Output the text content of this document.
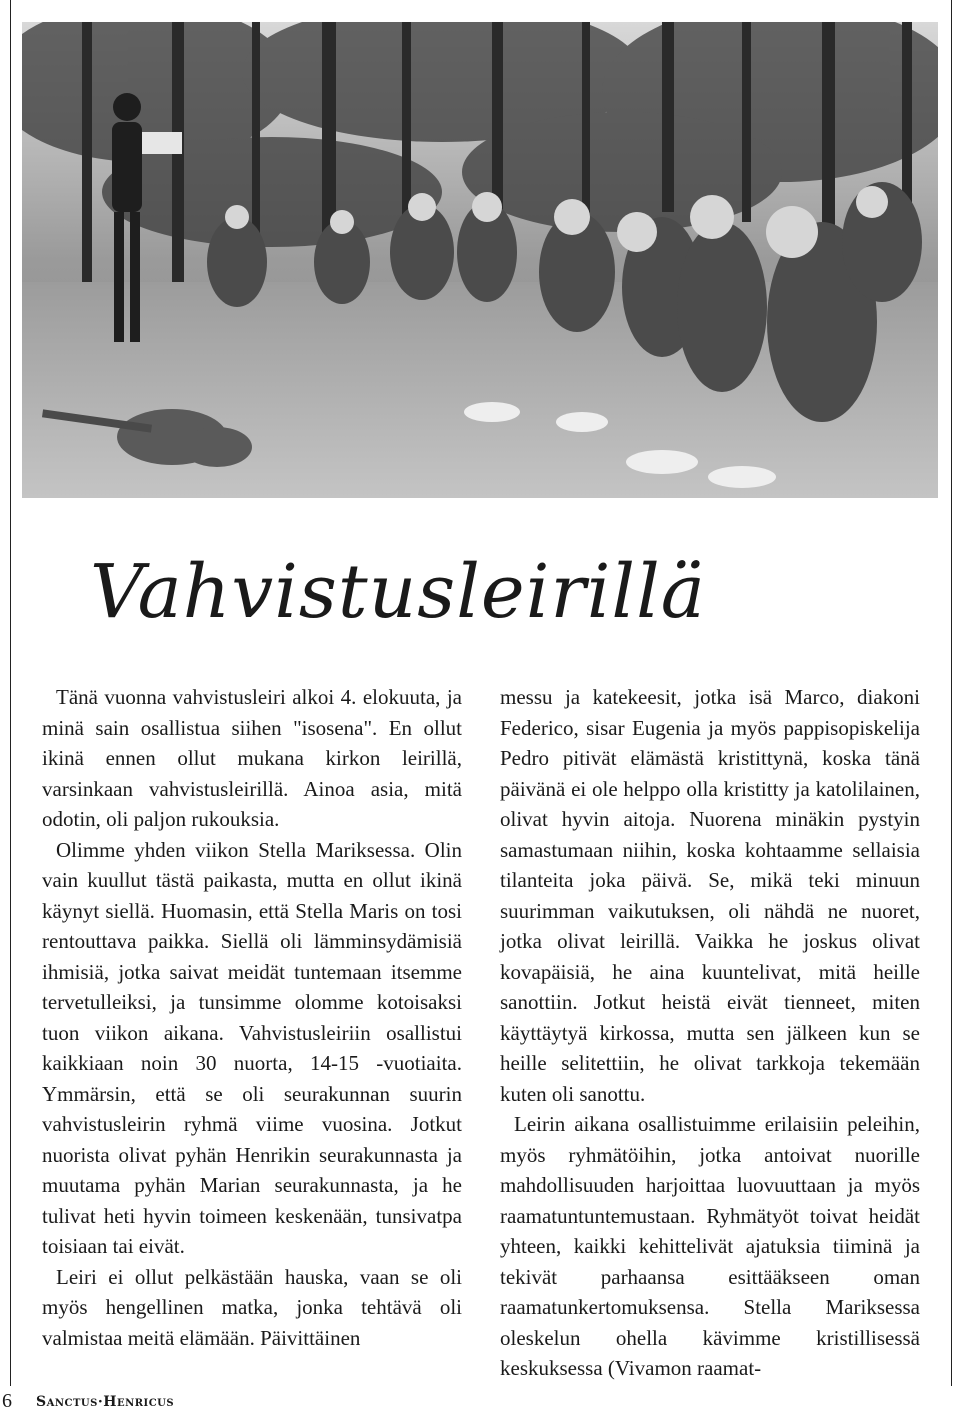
Vahvistusleirillä

Tänä vuonna vahvistusleiri alkoi 4. elokuuta, ja minä sain osallistua siihen "isosena". En ollut ikinä ennen ollut mukana kirkon leirillä, varsinkaan vahvistusleirillä. Ainoa asia, mitä odotin, oli paljon rukouksia.

Olimme yhden viikon Stella Mariksessa. Olin vain kuullut tästä paikasta, mutta en ollut ikinä käynyt siellä. Huomasin, että Stella Maris on tosi rentouttava paikka. Siellä oli lämminsydämisiä ihmisiä, jotka saivat meidät tuntemaan itsemme tervetulleiksi, ja tunsimme olomme kotoisaksi tuon viikon aikana. Vahvistusleiriin osallistui kaikkiaan noin 30 nuorta, 14-15 -vuotiaita. Ymmärsin, että se oli seurakunnan suurin vahvistusleirin ryhmä viime vuosina. Jotkut nuorista olivat pyhän Henrikin seurakunnasta ja muutama pyhän Marian seurakunnasta, ja he tulivat heti hyvin toimeen keskenään, tunsivatpa toisiaan tai eivät.

Leiri ei ollut pelkästään hauska, vaan se oli myös hengellinen matka, jonka tehtävä oli valmistaa meitä elämään. Päivittäinen

messu ja katekeesit, jotka isä Marco, diakoni Federico, sisar Eugenia ja myös pappisopiskelija Pedro pitivät elämästä kristittynä, koska tänä päivänä ei ole helppo olla kristitty ja katolilainen, olivat hyvin aitoja. Nuorena minäkin pystyin samastumaan niihin, koska kohtaamme sellaisia tilanteita joka päivä. Se, mikä teki minuun suurimman vaikutuksen, oli nähdä ne nuoret, jotka olivat leirillä. Vaikka he joskus olivat kovapäisiä, he aina kuuntelivat, mitä heille sanottiin. Jotkut heistä eivät tienneet, miten käyttäytyä kirkossa, mutta sen jälkeen kun se heille selitettiin, he olivat tarkkoja tekemään kuten oli sanottu.

Leirin aikana osallistuimme erilaisiin peleihin, myös ryhmätöihin, jotka antoivat nuorille mahdollisuuden harjoittaa luovuuttaan ja myös raamatuntuntemustaan. Ryhmätyöt toivat heidät yhteen, kaikki kehittelivät ajatuksia tiiminä ja tekivät parhaansa esittääkseen oman raamatunkertomuksensa. Stella Mariksessa oleskelun ohella kävimme kristillisessä keskuksessa (Vivamon raamat-

6 Sanctus·Henricus
